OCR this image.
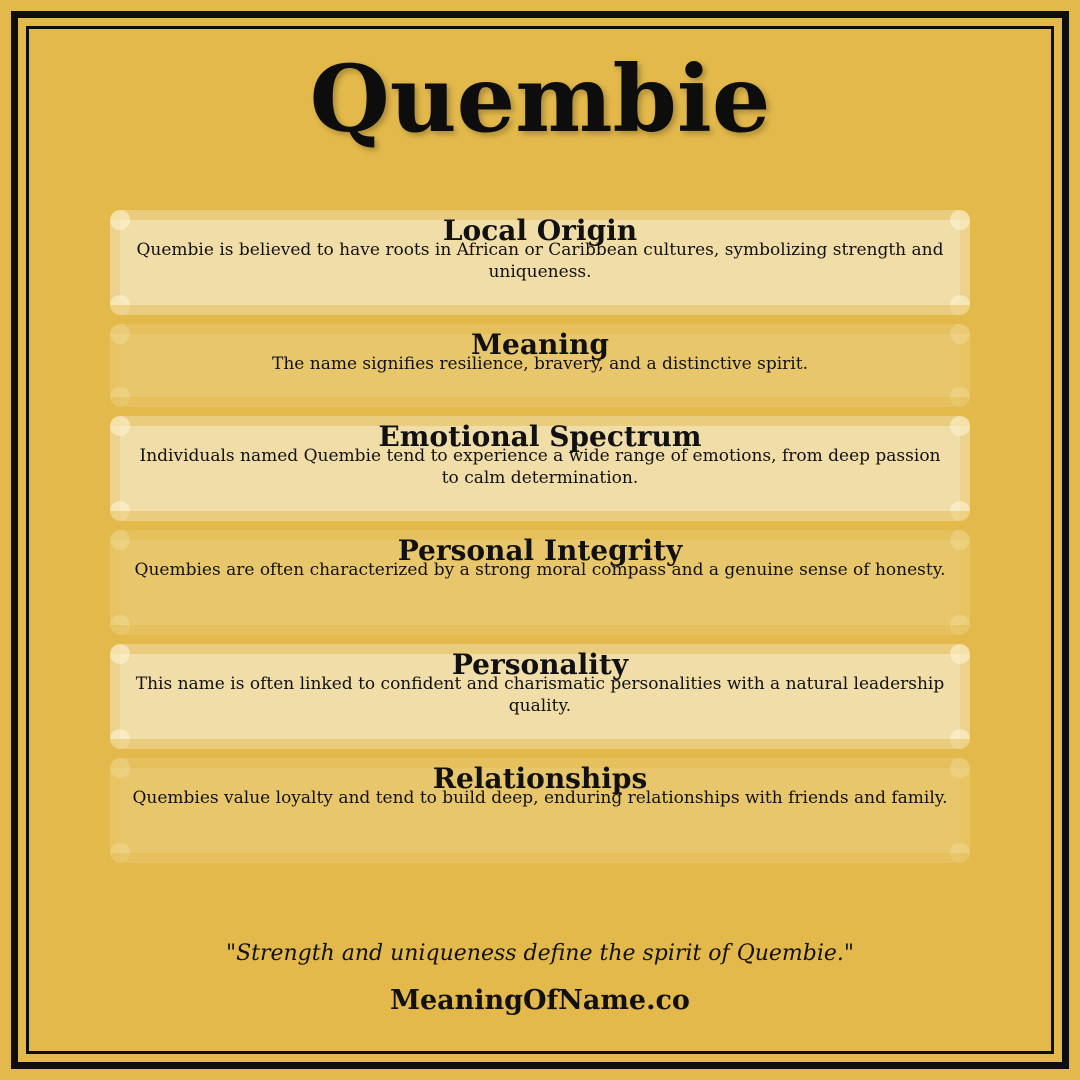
Quembie
Local Origin
Quembie is believed to have roots in African or Caribbean cultures, symbolizing strength and uniqueness.
Meaning
The name signifies resilience, bravery, and a distinctive spirit.
Emotional Spectrum
Individuals named Quembie tend to experience a wide range of emotions, from deep passion to calm determination.
Personal Integrity
Quembies are often characterized by a strong moral compass and a genuine sense of honesty.
Personality
This name is often linked to confident and charismatic personalities with a natural leadership quality.
Relationships
Quembies value loyalty and tend to build deep, enduring relationships with friends and family.
"Strength and uniqueness define the spirit of Quembie."
MeaningOfName.co
